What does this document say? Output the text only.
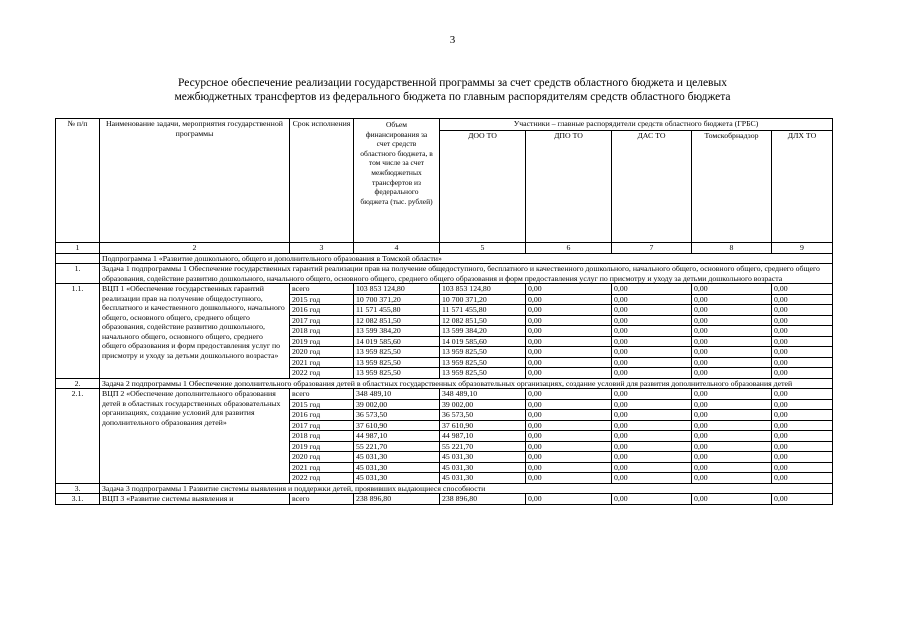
3
Ресурсное обеспечение реализации государственной программы за счет средств областного бюджета и целевых
межбюджетных трансфертов из федерального бюджета по главным распорядителям средств областного бюджета
№ п/п	Наименование задачи, мероприятия государственной программы	Срок исполнения	Объем финансирования за счет средств областного бюджета, в том числе за счет межбюджетных трансфертов из федерального бюджета (тыс. рублей)	Участники – главные распорядители средств областного бюджета (ГРБС)				
				ДОО ТО	ДПО ТО	ДАС ТО	Томскобрнадзор	ДЛХ ТО
1	2	3	4	5	6	7	8	9
	Подпрограмма 1 «Развитие дошкольного, общего и дополнительного образования в Томской области»							
1.	Задача 1 подпрограммы 1 Обеспечение государственных гарантий реализации прав на получение общедоступного, бесплатного и качественного дошкольного, начального общего, основного общего, среднего общего образования, содействие развитию дошкольного, начального общего, основного общего, среднего общего образования и форм предоставления услуг по присмотру и уходу за детьми дошкольного возраста							
1.1.	ВЦП 1 «Обеспечение государственных гарантий реализации прав на получение общедоступного, бесплатного и качественного дошкольного, начального общего, основного общего, среднего общего образования, содействие развитию дошкольного, начального общего, основного общего, среднего общего образования и форм предоставления услуг по присмотру и уходу за детьми дошкольного возраста»	всего	103 853 124,80	103 853 124,80	0,00	0,00	0,00	0,00
		2015 год	10 700 371,20	10 700 371,20	0,00	0,00	0,00	0,00
		2016 год	11 571 455,80	11 571 455,80	0,00	0,00	0,00	0,00
		2017 год	12 082 851,50	12 082 851,50	0,00	0,00	0,00	0,00
		2018 год	13 599 384,20	13 599 384,20	0,00	0,00	0,00	0,00
		2019 год	14 019 585,60	14 019 585,60	0,00	0,00	0,00	0,00
		2020 год	13 959 825,50	13 959 825,50	0,00	0,00	0,00	0,00
		2021 год	13 959 825,50	13 959 825,50	0,00	0,00	0,00	0,00
		2022 год	13 959 825,50	13 959 825,50	0,00	0,00	0,00	0,00
2.	Задача 2 подпрограммы 1 Обеспечение дополнительного образования детей в областных государственных образовательных организациях, создание условий для развития дополнительного образования детей							
2.1.	ВЦП 2 «Обеспечение дополнительного образования детей в областных государственных образовательных организациях, создание условий для развития дополнительного образования детей»	всего	348 489,10	348 489,10	0,00	0,00	0,00	0,00
		2015 год	39 002,00	39 002,00	0,00	0,00	0,00	0,00
		2016 год	36 573,50	36 573,50	0,00	0,00	0,00	0,00
		2017 год	37 610,90	37 610,90	0,00	0,00	0,00	0,00
		2018 год	44 987,10	44 987,10	0,00	0,00	0,00	0,00
		2019 год	55 221,70	55 221,70	0,00	0,00	0,00	0,00
		2020 год	45 031,30	45 031,30	0,00	0,00	0,00	0,00
		2021 год	45 031,30	45 031,30	0,00	0,00	0,00	0,00
		2022 год	45 031,30	45 031,30	0,00	0,00	0,00	0,00
3.	Задача 3 подпрограммы 1 Развитие системы выявления и поддержки детей, проявивших выдающиеся способности							
3.1.	ВЦП 3 «Развитие системы выявления и	всего	238 896,80	238 896,80	0,00	0,00	0,00	0,00
